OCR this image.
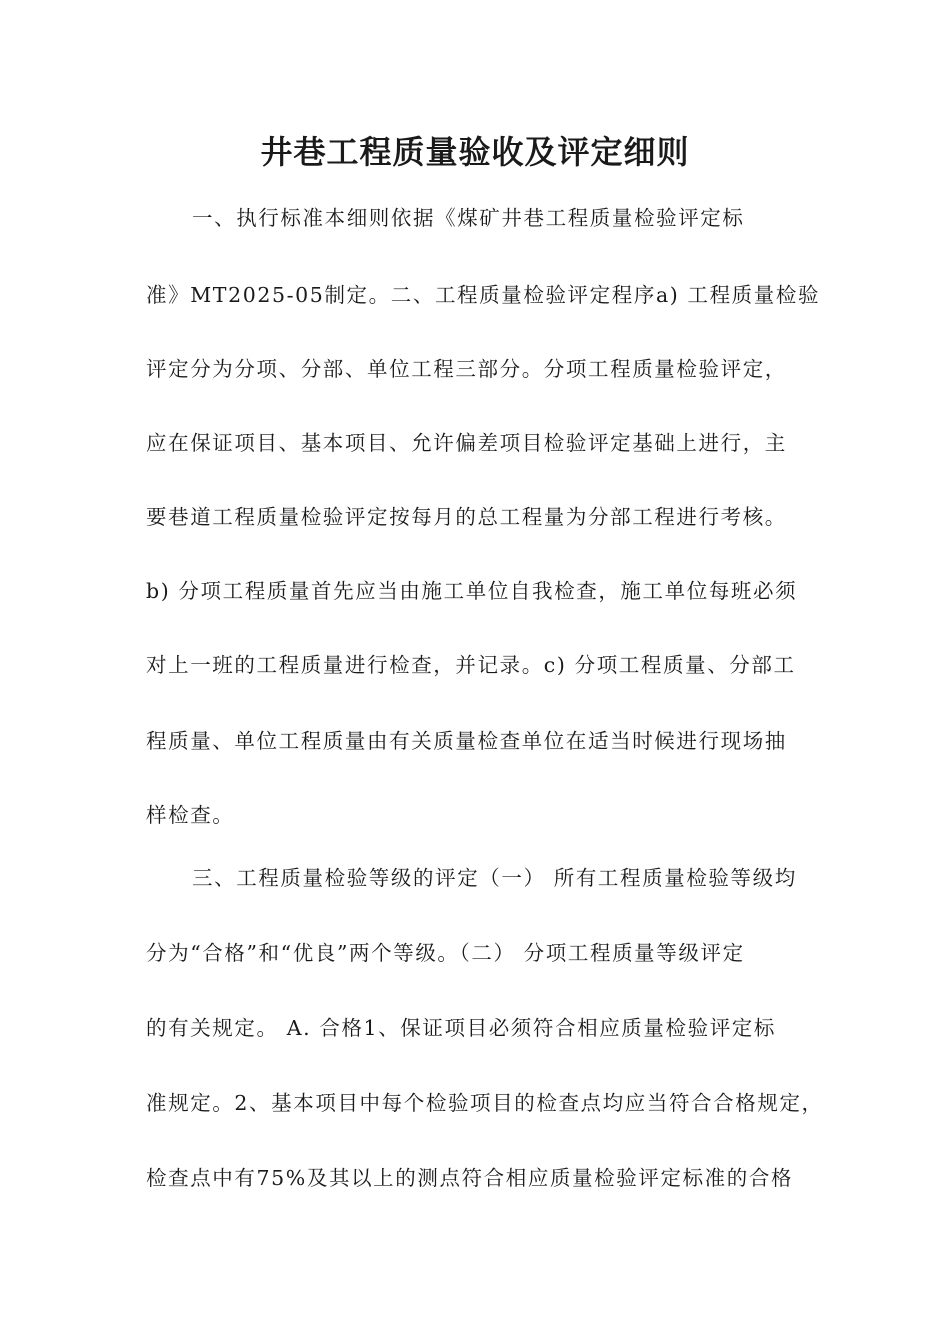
井巷工程质量验收及评定细则

一、执行标准本细则依据《煤矿井巷工程质量检验评定标

准》MT2025-05制定。二、工程质量检验评定程序a) 工程质量检验

评定分为分项、分部、单位工程三部分。分项工程质量检验评定，

应在保证项目、基本项目、允许偏差项目检验评定基础上进行，主

要巷道工程质量检验评定按每月的总工程量为分部工程进行考核。

b) 分项工程质量首先应当由施工单位自我检查，施工单位每班必须

对上一班的工程质量进行检查，并记录。c) 分项工程质量、分部工

程质量、单位工程质量由有关质量检查单位在适当时候进行现场抽

样检查。

三、工程质量检验等级的评定（一） 所有工程质量检验等级均

分为“合格”和“优良”两个等级。（二） 分项工程质量等级评定

的有关规定。 A. 合格1、保证项目必须符合相应质量检验评定标

准规定。2、基本项目中每个检验项目的检查点均应当符合合格规定，

检查点中有75%及其以上的测点符合相应质量检验评定标准的合格
